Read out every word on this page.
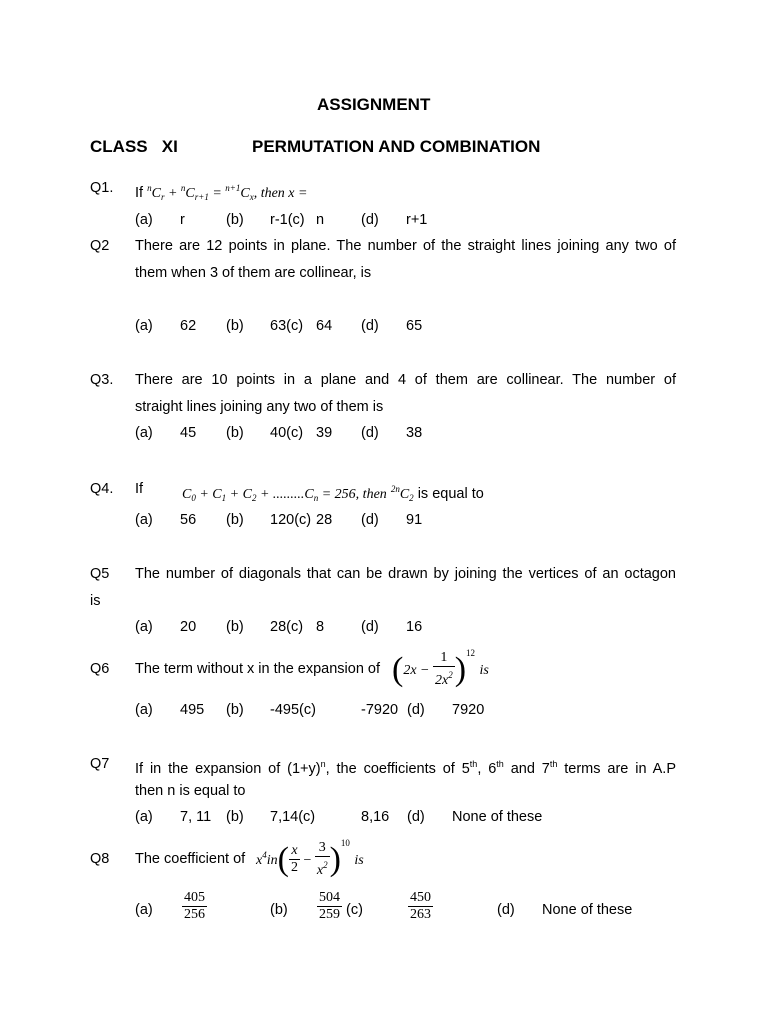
ASSIGNMENT
CLASS   XI	PERMUTATION AND COMBINATION
Q1. If $^nC_r + ^nC_{r+1} = ^{n+1}C_x$, then x =
(a) r	(b) r-1(c) n	(d) r+1
Q2 There are 12 points in plane. The number of the straight lines joining any two of
them when 3 of them are collinear, is
(a) 62 (b) 63(c) 64 (d) 65
Q3. There are 10 points in a plane and 4 of them are collinear. The number of
straight lines joining any two of them is
(a) 45 (b) 40(c) 39 (d) 38
Q4. If	$C_0 + C_1 + C_2 + .........C_n = 256$, then $^{2n}C_2$ is equal to
(a) 56 (b) 120(c) 28 (d) 91
Q5 The number of diagonals that can be drawn by joining the vertices of an octagon
is
(a) 20 (b) 28(c) 8	(d) 16
Q6 The term without x in the expansion of $(2x - \frac{1}{2x^2} )^{12}$ is
(a) 495 (b) -495(c)	-7920 (d) 7920
Q7 If in the expansion of $(1+y)^n$, the coefficients of 5th, 6th and 7th terms are in A.P
then n is equal to
(a) 7, 11 (b) 7,14(c)	8,16 (d) None of these
Q8 The coefficient of $x^4in( \frac{x}{2} - \frac{3}{x^2} )^{10}$ is
$(a) \frac{405}{256}$	$(b) \frac{504}{259} (c)$	$\frac{450}{263}$	(d) None of these
